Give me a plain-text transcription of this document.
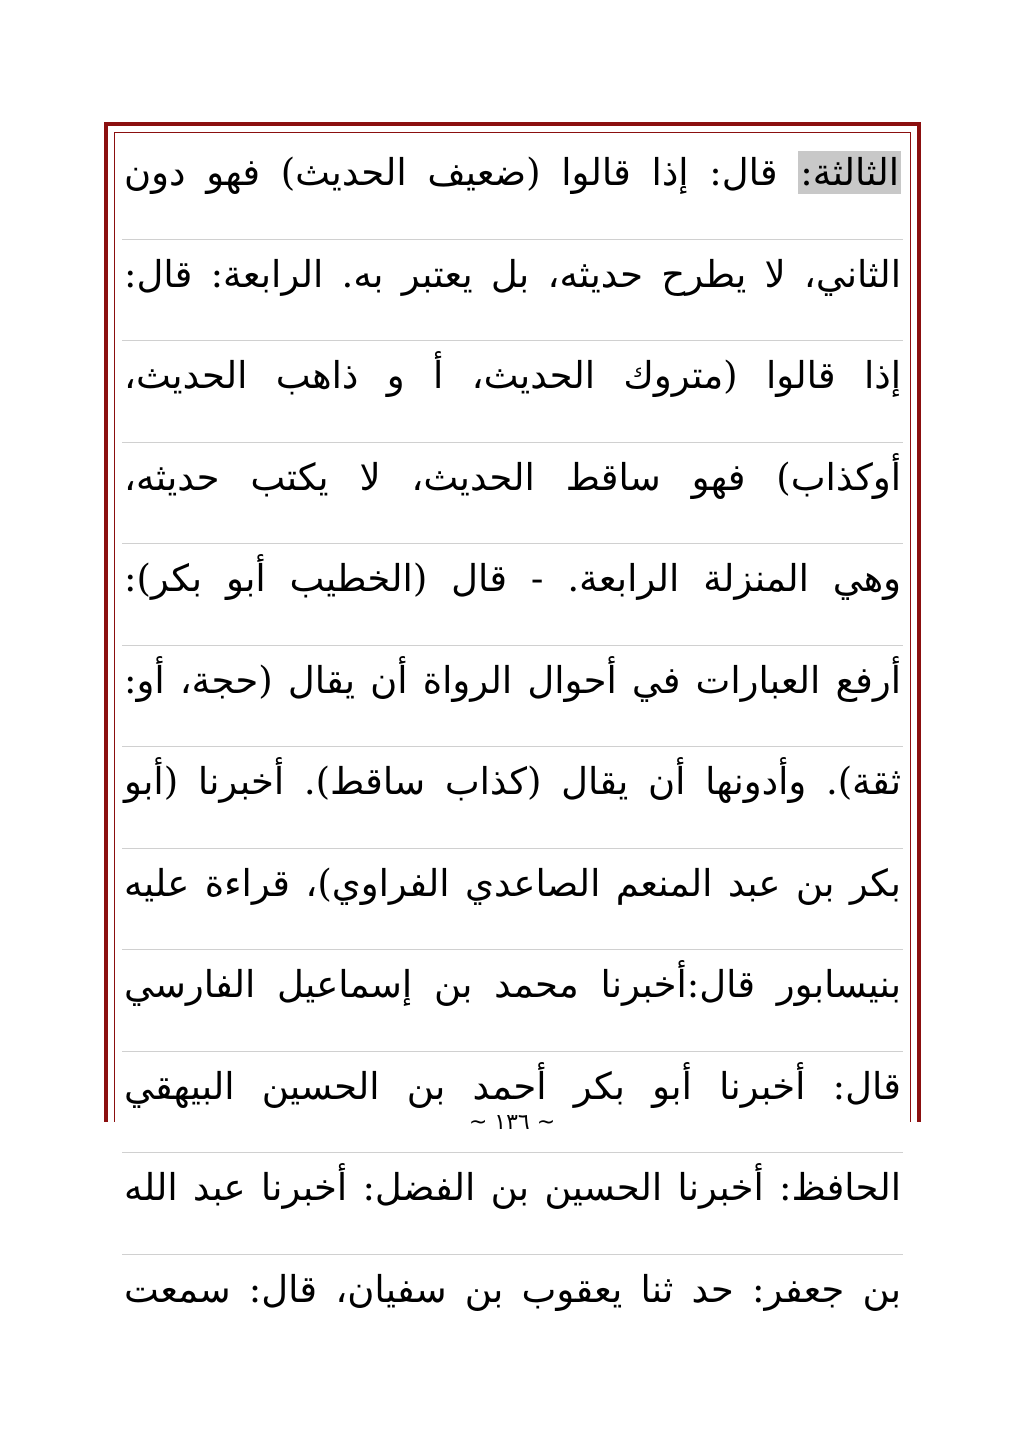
الثالثة: قال: إذا قالوا (ضعيف الحديث) فهو دون
الثاني، لا يطرح حديثه، بل يعتبر به. الرابعة: قال:
إذا قالوا (متروك الحديث، أ و ذاهب الحديث،
أوكذاب) فهو ساقط الحديث، لا يكتب حديثه،
وهي المنزلة الرابعة. - قال (الخطيب أبو بكر):
أرفع العبارات في أحوال الرواة أن يقال (حجة، أو:
ثقة). وأدونها أن يقال (كذاب ساقط). أخبرنا (أبو
بكر بن عبد المنعم الصاعدي الفراوي)، قراءة عليه
بنيسابور قال:أخبرنا محمد بن إسماعيل الفارسي
قال: أخبرنا أبو بكر أحمد بن الحسين البيهقي
الحافظ: أخبرنا الحسين بن الفضل: أخبرنا عبد الله
بن جعفر: حد ثنا يعقوب بن سفيان، قال: سمعت
~ ١٣٦ ~
